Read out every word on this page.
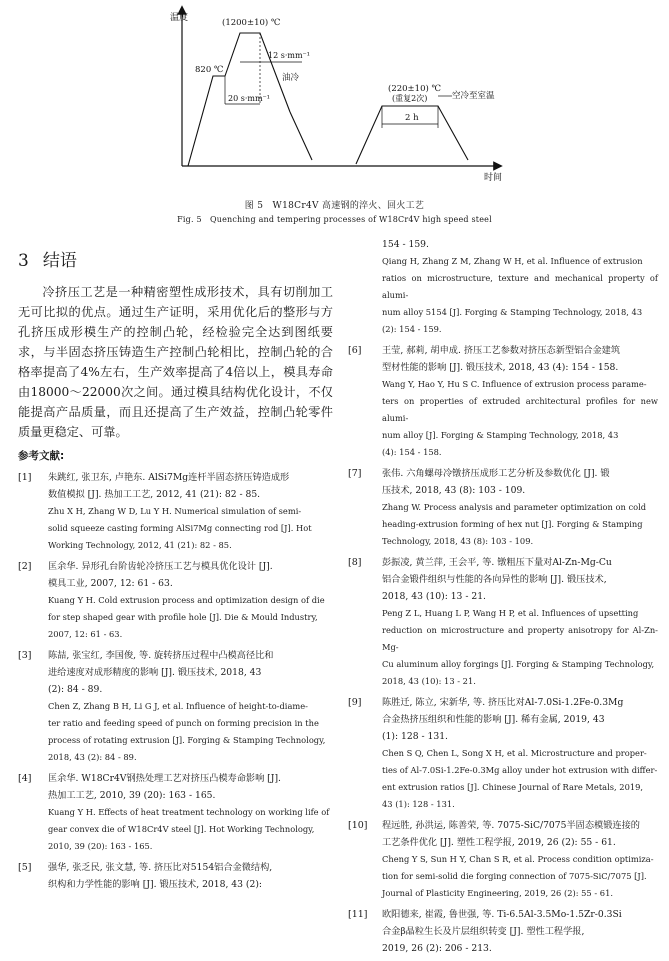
温度
时间
(1200±10) ℃
820 ℃
12 s·mm⁻¹
20 s·mm⁻¹
油冷
(220±10) ℃
(重复2次)	空冷至室温
2 h
图 5　W18Cr4V 高速钢的淬火、回火工艺
Fig. 5　Quenching and tempering processes of W18Cr4V high speed steel
3 结语

冷挤压工艺是一种精密塑性成形技术，具有切削加工无可比拟的优点。通过生产证明，采用优化后的整形与方孔挤压成形模生产的控制凸轮，经检验完全达到图纸要求，与半固态挤压铸造生产控制凸轮相比，控制凸轮的合格率提高了4%左右，生产效率提高了4倍以上，模具寿命由18000～22000次之间。通过模具结构优化设计，不仅能提高产品质量，而且还提高了生产效益，控制凸轮零件质量更稳定、可靠。

参考文献:
[1]	朱跳红, 张卫东, 卢艳东. AlSi7Mg连杆半固态挤压铸造成形
数值模拟 [J]. 热加工工艺, 2012, 41 (21): 82 - 85.
Zhu X H, Zhang W D, Lu Y H. Numerical simulation of semi-
solid squeeze casting forming AlSi7Mg connecting rod [J]. Hot
Working Technology, 2012, 41 (21): 82 - 85.
[2]	匡余华. 异形孔台阶齿轮冷挤压工艺与模具优化设计 [J].
模具工业, 2007, 12: 61 - 63.
Kuang Y H. Cold extrusion process and optimization design of die
for step shaped gear with profile hole [J]. Die & Mould Industry,
2007, 12: 61 - 63.
[3]	陈喆, 张宝红, 李国俊, 等. 旋转挤压过程中凸模高径比和
进给速度对成形精度的影响 [J]. 锻压技术, 2018, 43
(2): 84 - 89.
Chen Z, Zhang B H, Li G J, et al. Influence of height-to-diame-
ter ratio and feeding speed of punch on forming precision in the
process of rotating extrusion [J]. Forging & Stamping Technology,
2018, 43 (2): 84 - 89.
[4]	匡余华. W18Cr4V钢热处理工艺对挤压凸模寿命影响 [J].
热加工工艺, 2010, 39 (20): 163 - 165.
Kuang Y H. Effects of heat treatment technology on working life of
gear convex die of W18Cr4V steel [J]. Hot Working Technology,
2010, 39 (20): 163 - 165.
[5]	强华, 张乏民, 张文慧, 等. 挤压比对5154铝合金微结构,
织构和力学性能的影响 [J]. 锻压技术, 2018, 43 (2):
154 - 159.
Qiang H, Zhang Z M, Zhang W H, et al. Influence of extrusion
ratios on microstructure, texture and mechanical property of alumi-
num alloy 5154 [J]. Forging & Stamping Technology, 2018, 43
(2): 154 - 159.
[6]	王莹, 郝莉, 胡申成. 挤压工艺参数对挤压态新型铝合金建筑
型材性能的影响 [J]. 锻压技术, 2018, 43 (4): 154 - 158.
Wang Y, Hao Y, Hu S C. Influence of extrusion process parame-
ters on properties of extruded architectural profiles for new alumi-
num alloy [J]. Forging & Stamping Technology, 2018, 43
(4): 154 - 158.
[7]	张伟. 六角螺母冷镦挤压成形工艺分析及参数优化 [J]. 锻
压技术, 2018, 43 (8): 103 - 109.
Zhang W. Process analysis and parameter optimization on cold
heading-extrusion forming of hex nut [J]. Forging & Stamping
Technology, 2018, 43 (8): 103 - 109.
[8]	彭振凌, 黄兰萍, 王会平, 等. 镦粗压下量对Al-Zn-Mg-Cu
铝合金锻件组织与性能的各向异性的影响 [J]. 锻压技术,
2018, 43 (10): 13 - 21.
Peng Z L, Huang L P, Wang H P, et al. Influences of upsetting
reduction on microstructure and property anisotropy for Al-Zn-Mg-
Cu aluminum alloy forgings [J]. Forging & Stamping Technology,
2018, 43 (10): 13 - 21.
[9]	陈胜迁, 陈立, 宋新华, 等. 挤压比对Al-7.0Si-1.2Fe-0.3Mg
合金热挤压组织和性能的影响 [J]. 稀有金属, 2019, 43
(1): 128 - 131.
Chen S Q, Chen L, Song X H, et al. Microstructure and proper-
ties of Al-7.0Si-1.2Fe-0.3Mg alloy under hot extrusion with differ-
ent extrusion ratios [J]. Chinese Journal of Rare Metals, 2019,
43 (1): 128 - 131.
[10]	程远胜, 孙洪运, 陈善荣, 等. 7075-SiC/7075半固态模锻连接的
工艺条件优化 [J]. 塑性工程学报, 2019, 26 (2): 55 - 61.
Cheng Y S, Sun H Y, Chan S R, et al. Process condition optimiza-
tion for semi-solid die forging connection of 7075-SiC/7075 [J].
Journal of Plasticity Engineering, 2019, 26 (2): 55 - 61.
[11]	欧阳德来, 崔霞, 鲁世强, 等. Ti-6.5Al-3.5Mo-1.5Zr-0.3Si
合金β晶粒生长及片层组织转变 [J]. 塑性工程学报,
2019, 26 (2): 206 - 213.
